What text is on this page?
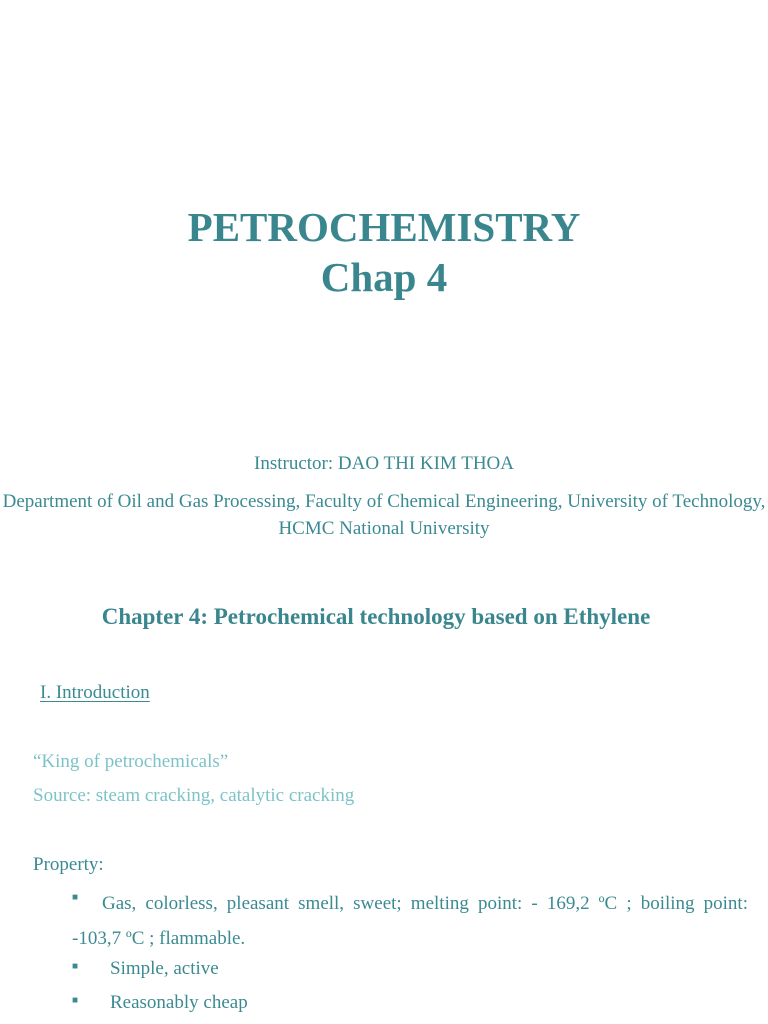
PETROCHEMISTRY
Chap 4

Instructor: DAO THI KIM THOA

Department of Oil and Gas Processing, Faculty of Chemical Engineering, University of Technology, HCMC National University

Chapter 4: Petrochemical technology based on Ethylene

I. Introduction

“King of petrochemicals”

Source: steam cracking, catalytic cracking

Property:

■	Gas, colorless, pleasant smell, sweet; melting point: - 169,2 ºC ; boiling point: -103,7 ºC ; flammable.

■ Simple, active

■ Reasonably cheap
